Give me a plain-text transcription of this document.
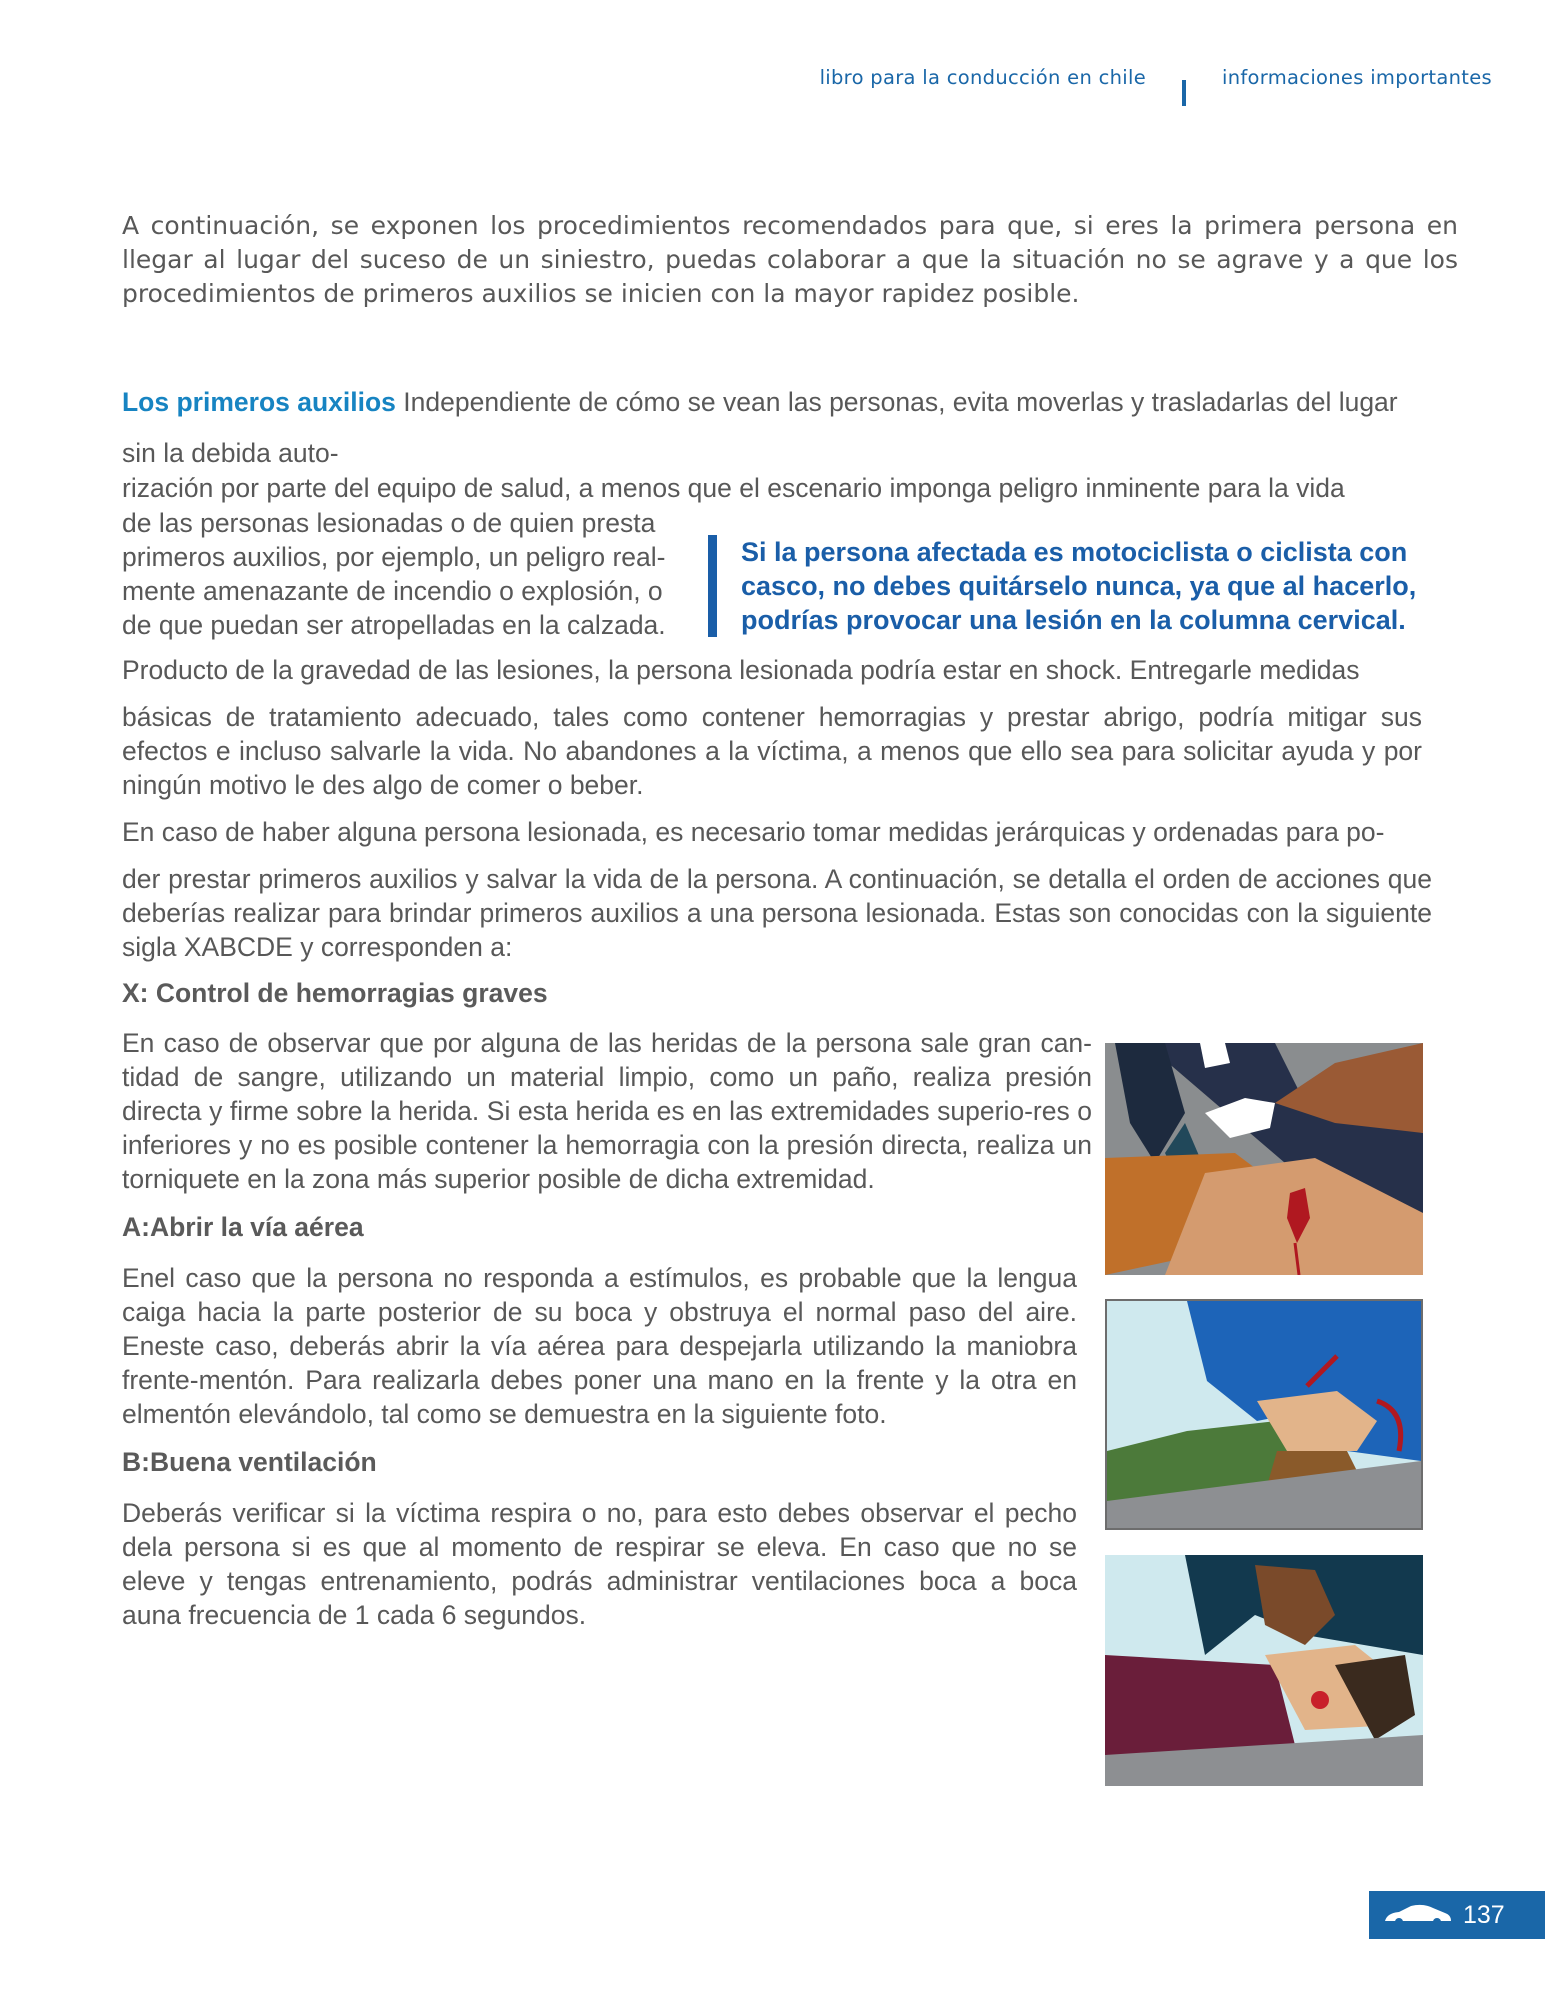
libro para la conducción en chile	informaciones importantes

A continuación, se exponen los procedimientos recomendados para que, si eres la primera persona en llegar al lugar del suceso de un siniestro, puedas colaborar a que la situación no se agrave y a que los procedimientos de primeros auxilios se inicien con la mayor rapidez posible.

Los primeros auxilios Independiente de cómo se vean las personas, evita moverlas y trasladarlas del lugar
sin la debida auto-
rización por parte del equipo de salud, a menos que el escenario imponga peligro inminente para la vida
de las personas lesionadas o de quien presta
primeros auxilios, por ejemplo, un peligro real-
mente amenazante de incendio o explosión, o
de que puedan ser atropelladas en la calzada.
Si la persona afectada es motociclista o ciclista con casco, no debes quitárselo nunca, ya que al hacerlo, podrías provocar una lesión en la columna cervical.
Producto de la gravedad de las lesiones, la persona lesionada podría estar en shock. Entregarle medidas

básicas de tratamiento adecuado, tales como contener hemorragias y prestar abrigo, podría mitigar sus efectos e incluso salvarle la vida. No abandones a la víctima, a menos que ello sea para solicitar ayuda y por ningún motivo le des algo de comer o beber.

En caso de haber alguna persona lesionada, es necesario tomar medidas jerárquicas y ordenadas para po-

der prestar primeros auxilios y salvar la vida de la persona. A continuación, se detalla el orden de acciones que deberías realizar para brindar primeros auxilios a una persona lesionada. Estas son conocidas con la siguiente sigla XABCDE y corresponden a:

X: Control de hemorragias graves

En caso de observar que por alguna de las heridas de la persona sale gran can-tidad de sangre, utilizando un material limpio, como un paño, realiza presión directa y firme sobre la herida. Si esta herida es en las extremidades superio-res o inferiores y no es posible contener la hemorragia con la presión directa, realiza un torniquete en la zona más superior posible de dicha extremidad.

A:Abrir la vía aérea

Enel caso que la persona no responda a estímulos, es probable que la lengua caiga hacia la parte posterior de su boca y obstruya el normal paso del aire. Eneste caso, deberás abrir la vía aérea para despejarla utilizando la maniobra frente-mentón. Para realizarla debes poner una mano en la frente y la otra en elmentón elevándolo, tal como se demuestra en la siguiente foto.

B:Buena ventilación

Deberás verificar si la víctima respira o no, para esto debes observar el pecho dela persona si es que al momento de respirar se eleva. En caso que no se eleve y tengas entrenamiento, podrás administrar ventilaciones boca a boca auna frecuencia de 1 cada 6 segundos.

137
